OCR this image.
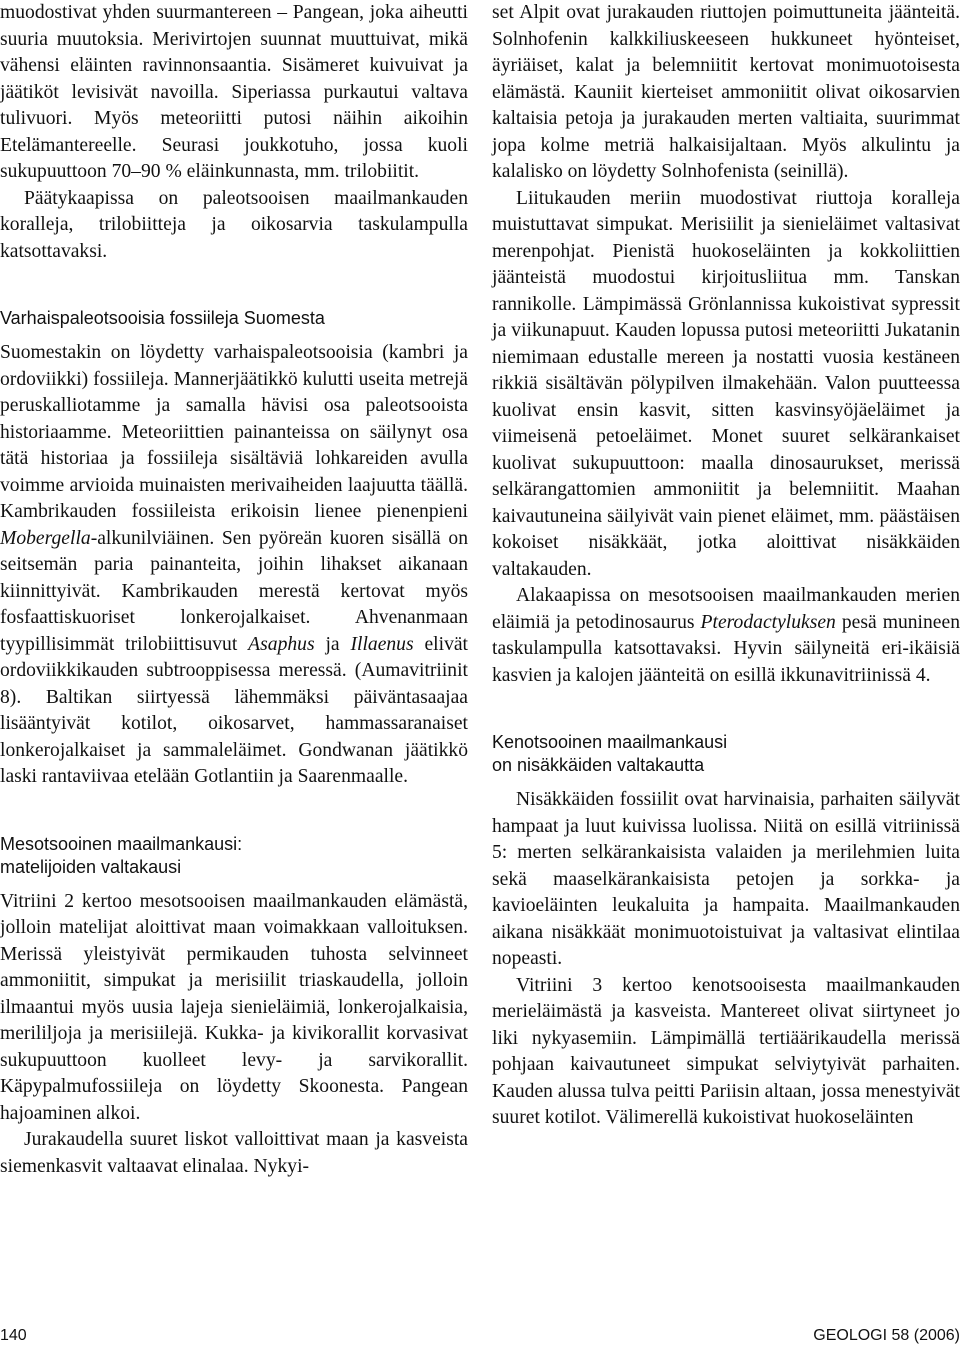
muodostivat yhden suurmantereen – Pangean, joka aiheutti suuria muutoksia. Merivirtojen suunnat muuttuivat, mikä vähensi eläinten ravinnonsaantia. Sisämeret kuivuivat ja jäätiköt levisivät navoilla. Siperiassa purkautui valtava tulivuori. Myös meteoriitti putosi näihin aikoihin Etelämantereelle. Seurasi joukkotuho, jossa kuoli sukupuuttoon 70–90 % eläinkunnasta, mm. trilobiitit.

Päätykaapissa on paleotsooisen maailmankauden koralleja, trilobiitteja ja oikosarvia taskulampulla katsottavaksi.

Varhaispaleotsooisia fossiileja Suomesta

Suomestakin on löydetty varhaispaleotsooisia (kambri ja ordoviikki) fossiileja. Mannerjäätikkö kulutti useita metrejä peruskalliotamme ja samalla hävisi osa paleotsooista historiaamme. Meteoriittien painanteissa on säilynyt osa tätä historiaa ja fossiileja sisältäviä lohkareiden avulla voimme arvioida muinaisten merivaiheiden laajuutta täällä. Kambrikauden fossiileista erikoisin lienee pienenpieni Mobergella-alkunilviäinen. Sen pyöreän kuoren sisällä on seitsemän paria painanteita, joihin lihakset aikanaan kiinnittyivät. Kambrikauden merestä kertovat myös fosfaattiskuoriset lonkerojalkaiset. Ahvenanmaan tyypillisimmät trilobiittisuvut Asaphus ja Illaenus elivät ordoviikkikauden subtrooppisessa meressä. (Aumavitriinit 8). Baltikan siirtyessä lähemmäksi päiväntasaajaa lisääntyivät kotilot, oikosarvet, hammassaranaiset lonkerojalkaiset ja sammaleläimet. Gondwanan jäätikkö laski rantaviivaa etelään Gotlantiin ja Saarenmaalle.

Mesotsooinen maailmankausi:
matelijoiden valtakausi

Vitriini 2 kertoo mesotsooisen maailmankauden elämästä, jolloin matelijat aloittivat maan voimakkaan valloituksen. Merissä yleistyivät permikauden tuhosta selvinneet ammoniitit, simpukat ja merisiilit triaskaudella, jolloin ilmaantui myös uusia lajeja sienieläimiä, lonkerojalkaisia, merililjoja ja merisiilejä. Kukka- ja kivikorallit korvasivat sukupuuttoon kuolleet levy- ja sarvikorallit. Käpypalmufossiileja on löydetty Skoonesta. Pangean hajoaminen alkoi.

Jurakaudella suuret liskot valloittivat maan ja kasveista siemenkasvit valtaavat elinalaa. Nykyi-

set Alpit ovat jurakauden riuttojen poimuttuneita jäänteitä. Solnhofenin kalkkiliuskeeseen hukkuneet hyönteiset, äyriäiset, kalat ja belemniitit kertovat monimuotoisesta elämästä. Kauniit kierteiset ammoniitit olivat oikosarvien kaltaisia petoja ja jurakauden merten valtiaita, suurimmat jopa kolme metriä halkaisijaltaan. Myös alkulintu ja kalalisko on löydetty Solnhofenista (seinillä).

Liitukauden meriin muodostivat riuttoja koralleja muistuttavat simpukat. Merisiilit ja sienieläimet valtasivat merenpohjat. Pienistä huokoseläinten ja kokkoliittien jäänteistä muodostui kirjoitusliitua mm. Tanskan rannikolle. Lämpimässä Grönlannissa kukoistivat sypressit ja viikunapuut. Kauden lopussa putosi meteoriitti Jukatanin niemimaan edustalle mereen ja nostatti vuosia kestäneen rikkiä sisältävän pölypilven ilmakehään. Valon puutteessa kuolivat ensin kasvit, sitten kasvinsyöjäeläimet ja viimeisenä petoeläimet. Monet suuret selkärankaiset kuolivat sukupuuttoon: maalla dinosaurukset, merissä selkärangattomien ammoniitit ja belemniitit. Maahan kaivautuneina säilyivät vain pienet eläimet, mm. päästäisen kokoiset nisäkkäät, jotka aloittivat nisäkkäiden valtakauden.

Alakaapissa on mesotsooisen maailmankauden merien eläimiä ja petodinosaurus Pterodactyluksen pesä munineen taskulampulla katsottavaksi. Hyvin säilyneitä eri-ikäisiä kasvien ja kalojen jäänteitä on esillä ikkunavitriinissä 4.

Kenotsooinen maailmankausi
on nisäkkäiden valtakautta

Nisäkkäiden fossiilit ovat harvinaisia, parhaiten säilyvät hampaat ja luut kuivissa luolissa. Niitä on esillä vitriinissä 5: merten selkärankaisista valaiden ja merilehmien luita sekä maaselkärankaisista petojen ja sorkka- ja kavioeläinten leukaluita ja hampaita. Maailmankauden aikana nisäkkäät monimuotoistuivat ja valtasivat elintilaa nopeasti.

Vitriini 3 kertoo kenotsooisesta maailmankauden merieläimästä ja kasveista. Mantereet olivat siirtyneet jo liki nykyasemiin. Lämpimällä tertiäärikaudella merissä pohjaan kaivautuneet simpukat selviytyivät parhaiten. Kauden alussa tulva peitti Pariisin altaan, jossa menestyivät suuret kotilot. Välimerellä kukoistivat huokoseläinten

140	GEOLOGI 58 (2006)
